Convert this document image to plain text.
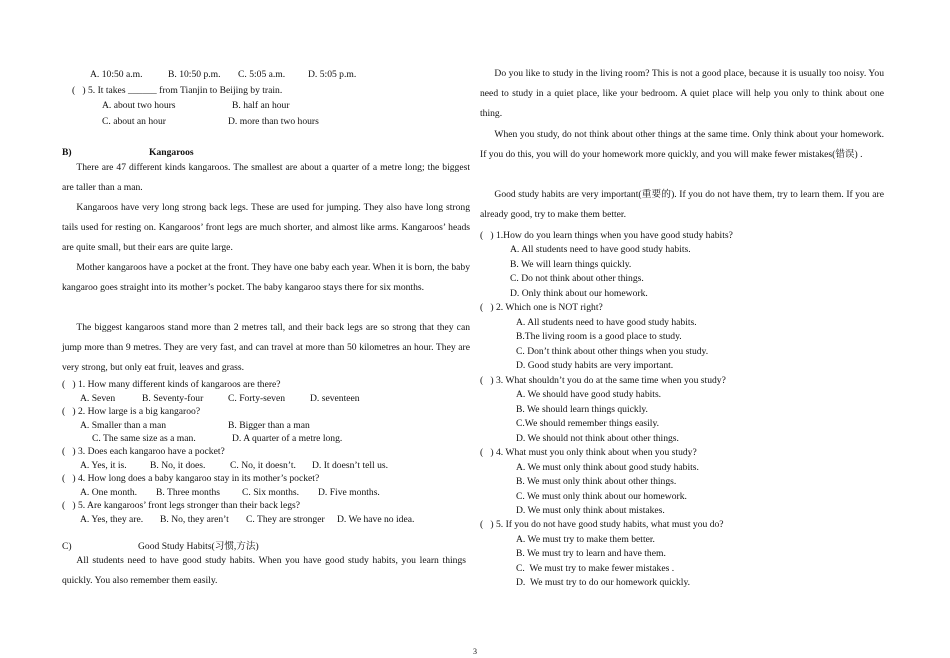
A. 10:50 a.m.	B. 10:50 p.m. C. 5:05 a.m. D. 5:05 p.m.
(   ) 5. It takes ______ from Tianjin to Beijing by train.
A. about two hours	B. half an hour
C. about an hour	D. more than two hours
B)	Kangaroos
There are 47 different kinds kangaroos. The smallest are about a quarter of a metre long; the biggest are taller than a man.
Kangaroos have very long strong back legs. These are used for jumping. They also have long strong tails used for resting on. Kangaroos’ front legs are much shorter, and almost like arms. Kangaroos’ heads are quite small, but their ears are quite large.
Mother kangaroos have a pocket at the front. They have one baby each year. When it is born, the baby kangaroo goes straight into its mother’s pocket. The baby kangaroo stays there for six months.
The biggest kangaroos stand more than 2 metres tall, and their back legs are so strong that they can jump more than 9 metres. They are very fast, and can travel at more than 50 kilometres an hour. They are very strong, but only eat fruit, leaves and grass.
(   ) 1. How many different kinds of kangaroos are there?
A. Seven	B. Seventy-four	C. Forty-seven	D. seventeen
(   ) 2. How large is a big kangaroo?
A. Smaller than a man	B. Bigger than a man
C. The same size as a man.	D. A quarter of a metre long.
(   ) 3. Does each kangaroo have a pocket?
A. Yes, it is. B. No, it does.	C. No, it doesn’t. D. It doesn’t tell us.
(   ) 4. How long does a baby kangaroo stay in its mother’s pocket?
A. One month. B. Three months C. Six months. D. Five months.
(   ) 5. Are kangaroos’ front legs stronger than their back legs?
A. Yes, they are. B. No, they aren’t C. They are stronger D. We have no idea.
C)	Good Study Habits(习惯,方法)
All students need to have good study habits. When you have good study habits, you learn things quickly. You also remember them easily.
Do you like to study in the living room? This is not a good place, because it is usually too noisy. You need to study in a quiet place, like your bedroom. A quiet place will help you only to think about one thing.
When you study, do not think about other things at the same time. Only think about your homework. If you do this, you will do your homework more quickly, and you will make fewer mistakes(错误) .
Good study habits are very important(重要的). If you do not have them, try to learn them. If you are already good, try to make them better.
(   ) 1.How do you learn things when you have good study habits?
A. All students need to have good study habits.
B. We will learn things quickly.
C. Do not think about other things.
D. Only think about our homework.
(   ) 2. Which one is NOT right?
A. All students need to have good study habits.
B.The living room is a good place to study.
C. Don’t think about other things when you study.
D. Good study habits are very important.
(   ) 3. What shouldn’t you do at the same time when you study?
A. We should have good study habits.
B. We should learn things quickly.
C.We should remember things easily.
D. We should not think about other things.
(   ) 4. What must you only think about when you study?
A. We must only think about good study habits.
B. We must only think about other things.
C. We must only think about our homework.
D. We must only think about mistakes.
(   ) 5. If you do not have good study habits, what must you do?
A. We must try to make them better.
B. We must try to learn and have them.
C.  We must try to make fewer mistakes .
D.  We must try to do our homework quickly.
3
